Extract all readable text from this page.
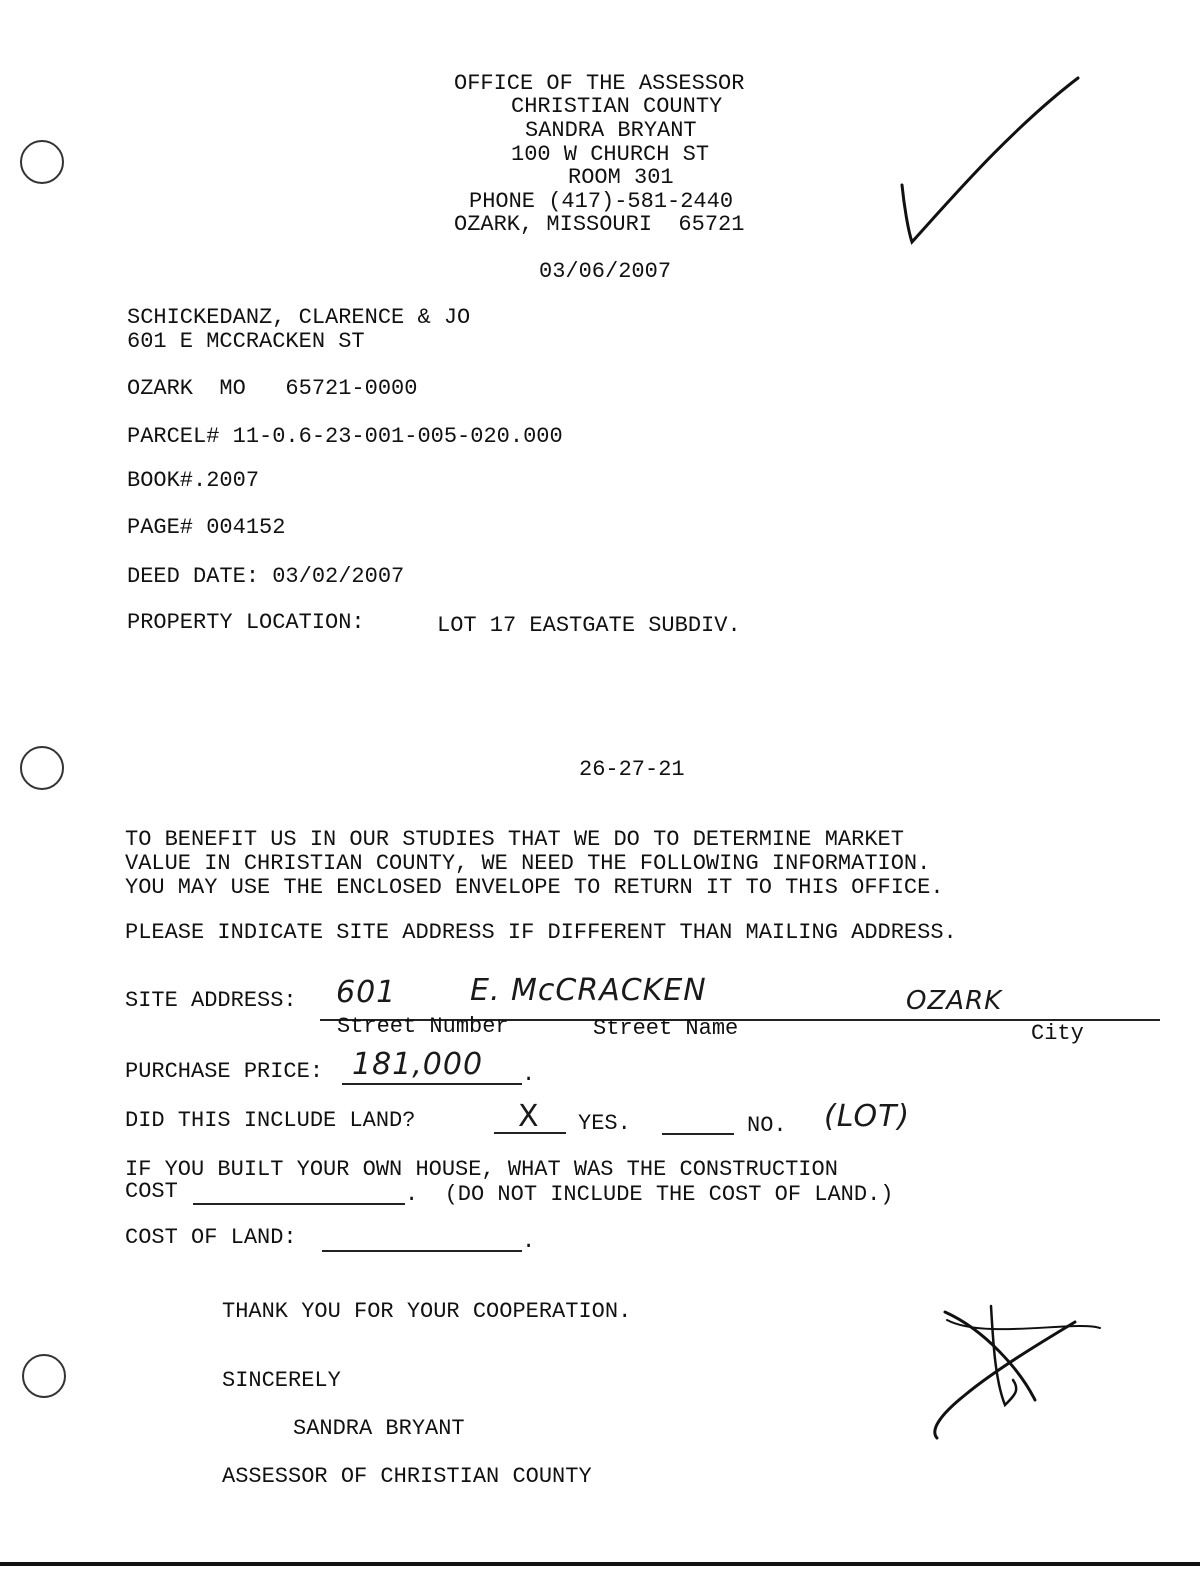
OFFICE OF THE ASSESSOR
CHRISTIAN COUNTY
SANDRA BRYANT
100 W CHURCH ST
ROOM 301
PHONE (417)-581-2440
OZARK, MISSOURI  65721
03/06/2007
SCHICKEDANZ, CLARENCE & JO
601 E MCCRACKEN ST
OZARK  MO   65721-0000
PARCEL# 11-0.6-23-001-005-020.000
BOOK#.2007
PAGE# 004152
DEED DATE: 03/02/2007
PROPERTY LOCATION:	LOT 17 EASTGATE SUBDIV.
26-27-21
TO BENEFIT US IN OUR STUDIES THAT WE DO TO DETERMINE MARKET
VALUE IN CHRISTIAN COUNTY, WE NEED THE FOLLOWING INFORMATION.
YOU MAY USE THE ENCLOSED ENVELOPE TO RETURN IT TO THIS OFFICE.
PLEASE INDICATE SITE ADDRESS IF DIFFERENT THAN MAILING ADDRESS.
SITE ADDRESS: 601 E. McCRACKEN	OZARK
Street Number	Street Name	City
PURCHASE PRICE: 181,000 .
DID THIS INCLUDE LAND?	X YES.	NO. (LOT)
IF YOU BUILT YOUR OWN HOUSE, WHAT WAS THE CONSTRUCTION
COST	.  (DO NOT INCLUDE THE COST OF LAND.)
COST OF LAND:	.
THANK YOU FOR YOUR COOPERATION.
SINCERELY
SANDRA BRYANT
ASSESSOR OF CHRISTIAN COUNTY
